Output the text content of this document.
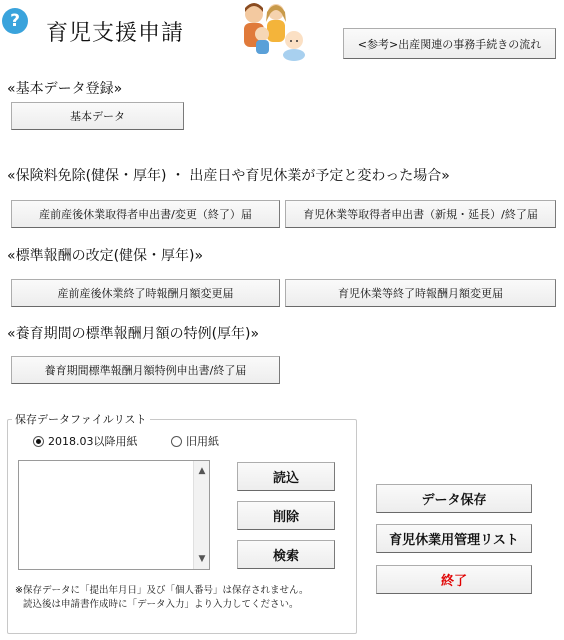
?	育児支援申請	<参考>出産関連の事務手続きの流れ
«基本データ登録»
基本データ
«保険料免除(健保・厚年) ・ 出産日や育児休業が予定と変わった場合»
産前産後休業取得者申出書/変更（終了）届	育児休業等取得者申出書（新規・延長）/終了届
«標準報酬の改定(健保・厚年)»
産前産後休業終了時報酬月額変更届	育児休業等終了時報酬月額変更届
«養育期間の標準報酬月額の特例(厚年)»
養育期間標準報酬月額特例申出書/終了届
保存データファイルリスト
2018.03以降用紙	旧用紙
▲
▼
読込
削除
検索
※保存データに「提出年月日」及び「個人番号」は保存されません。
読込後は申請書作成時に「データ入力」より入力してください。
データ保存
育児休業用管理リスト
終了
